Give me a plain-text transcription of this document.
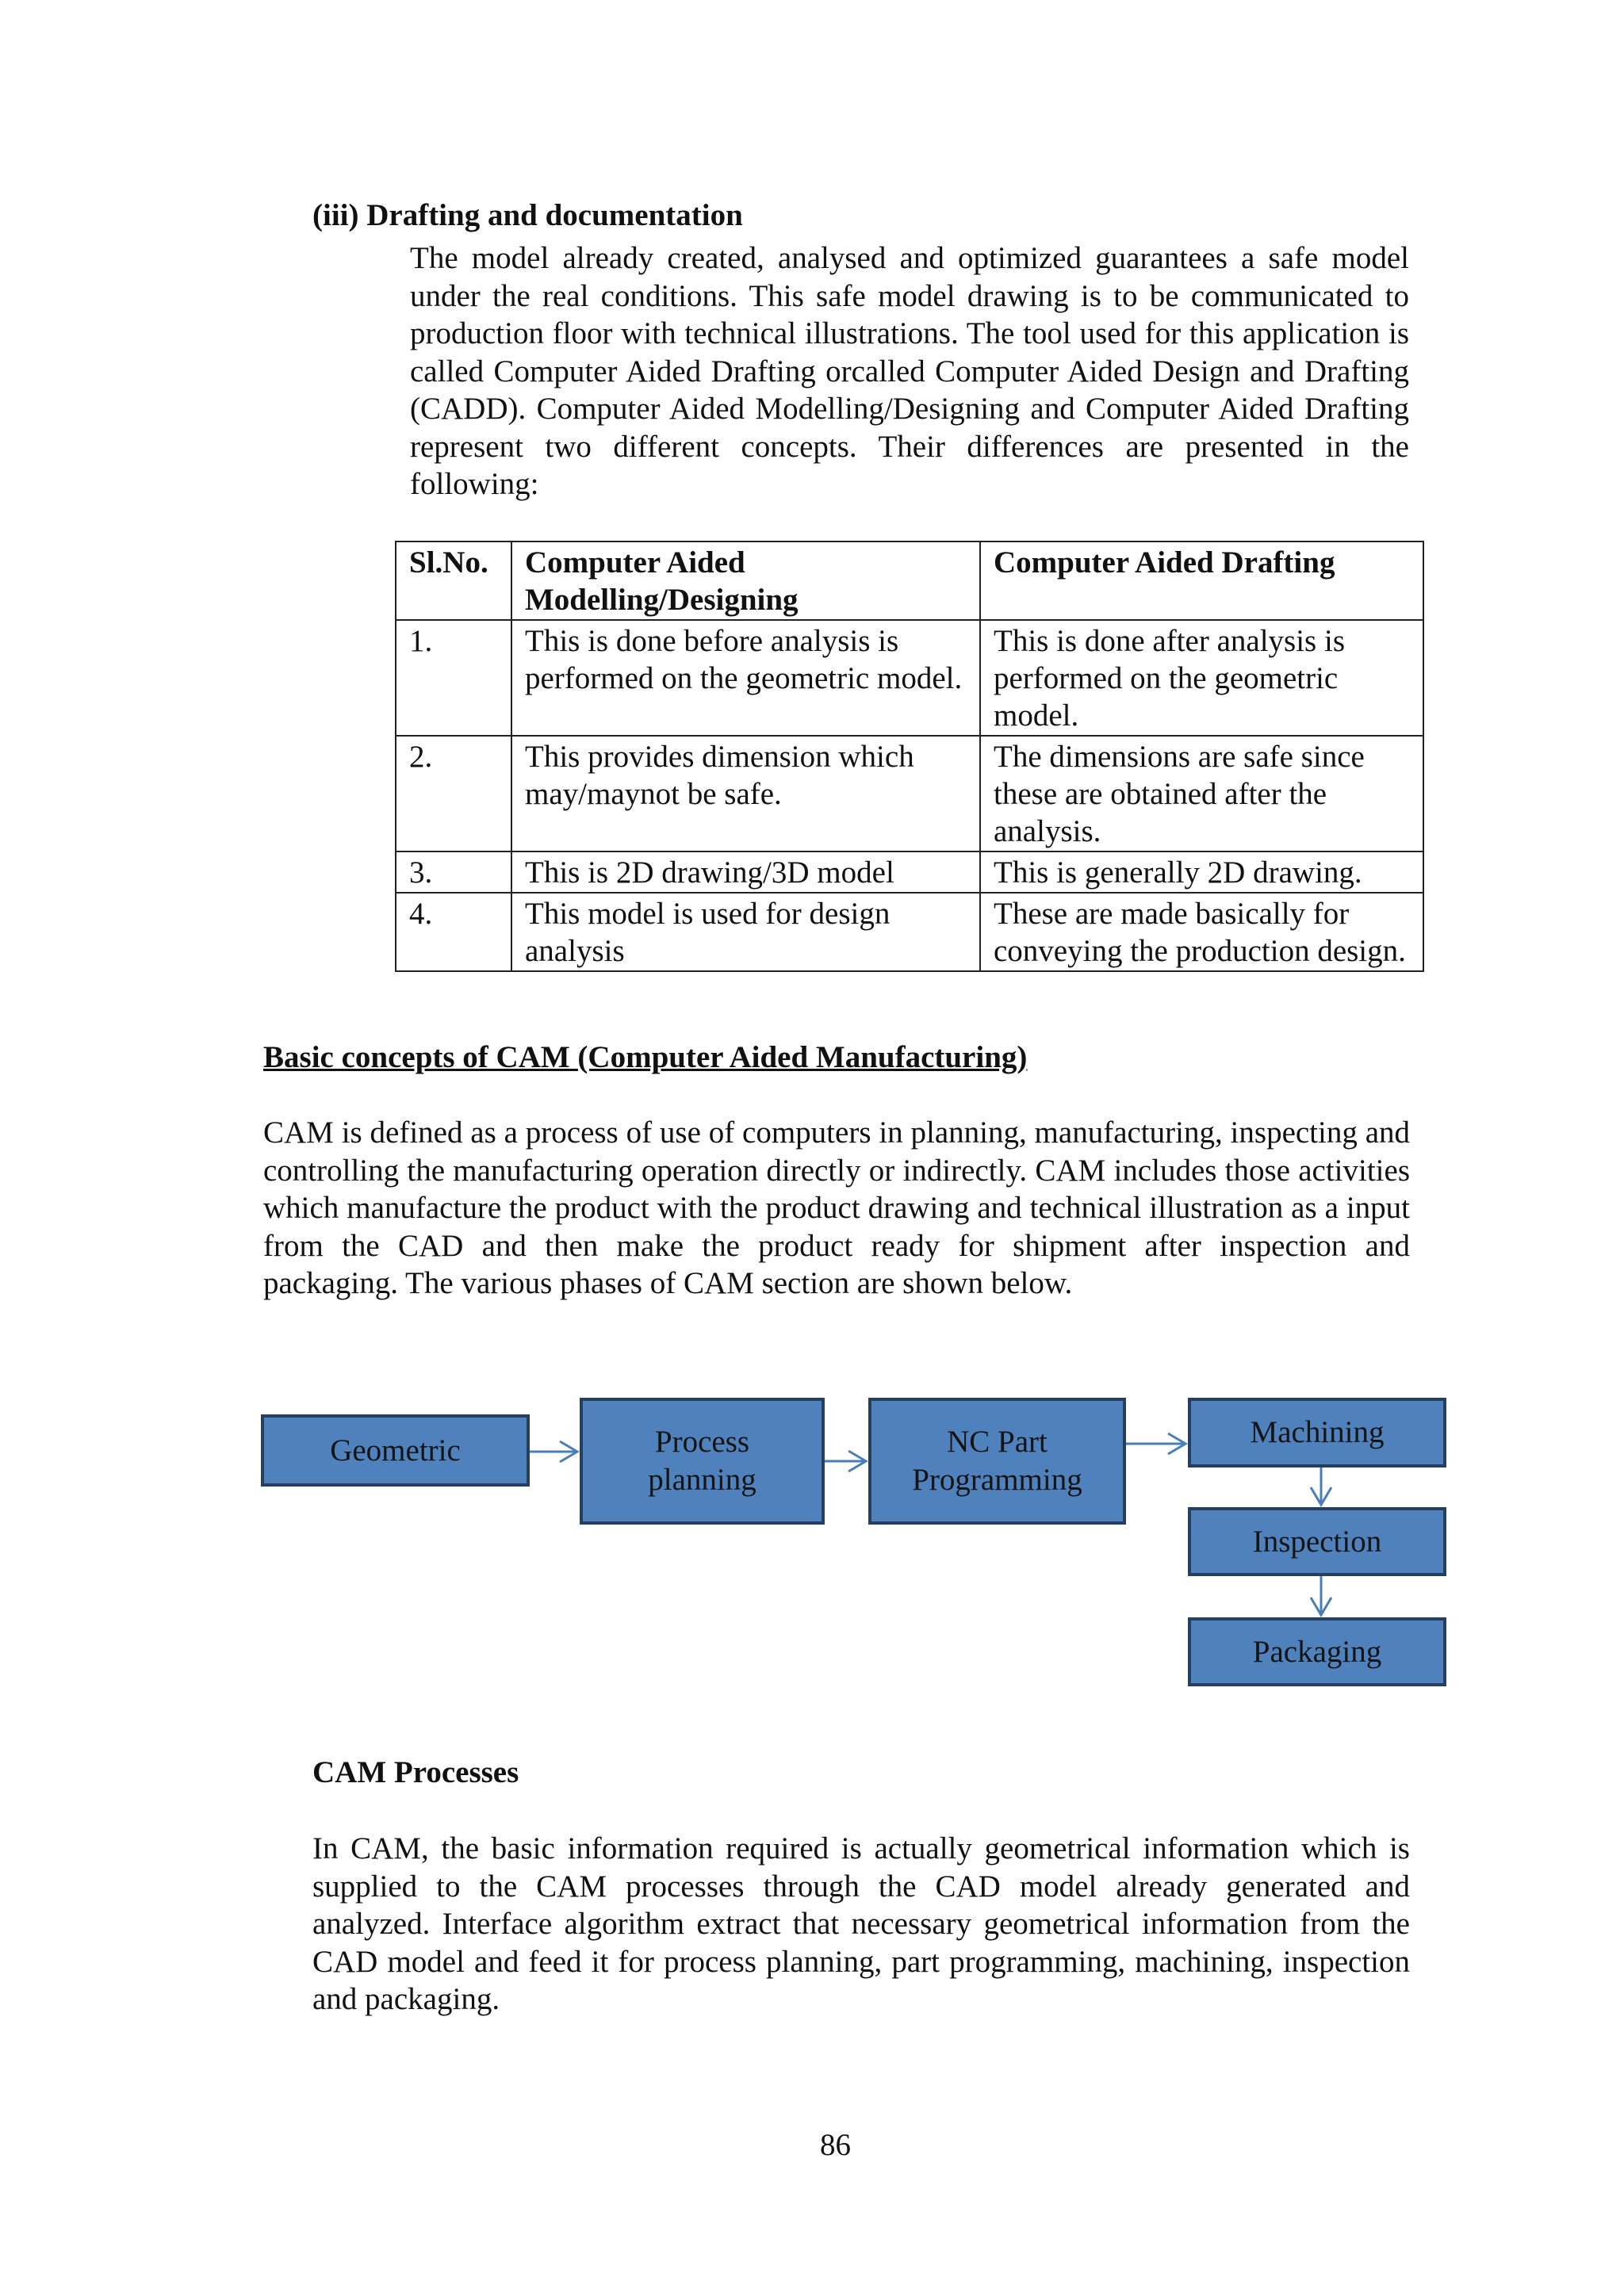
(iii) Drafting and documentation

The model already created, analysed and optimized guarantees a safe model under the real conditions. This safe model drawing is to be communicated to production floor with technical illustrations. The tool used for this application is called Computer Aided Drafting orcalled Computer Aided Design and Drafting (CADD). Computer Aided Modelling/Designing and Computer Aided Drafting represent two different concepts. Their differences are presented in the following:

Sl.No.	Computer Aided Modelling/Designing	Computer Aided Drafting
1.	This is done before analysis is performed on the geometric model.	This is done after analysis is performed on the geometric model.
2.	This provides dimension which may/maynot be safe.	The dimensions are safe since these are obtained after the analysis.
3.	This is 2D drawing/3D model	This is generally 2D drawing.
4.	This model is used for design analysis	These are made basically for conveying the production design.
Basic concepts of CAM (Computer Aided Manufacturing)

CAM is defined as a process of use of computers in planning, manufacturing, inspecting and controlling the manufacturing operation directly or indirectly. CAM includes those activities which manufacture the product with the product drawing and technical illustration as a input from the CAD and then make the product ready for shipment after inspection and packaging. The various phases of CAM section are shown below.

Geometric	Process
planning
NC Part
Programming
Machining
Inspection
Packaging
CAM Processes

In CAM, the basic information required is actually geometrical information which is supplied to the CAM processes through the CAD model already generated and analyzed. Interface algorithm extract that necessary geometrical information from the CAD model and feed it for process planning, part programming, machining, inspection and packaging.

86
